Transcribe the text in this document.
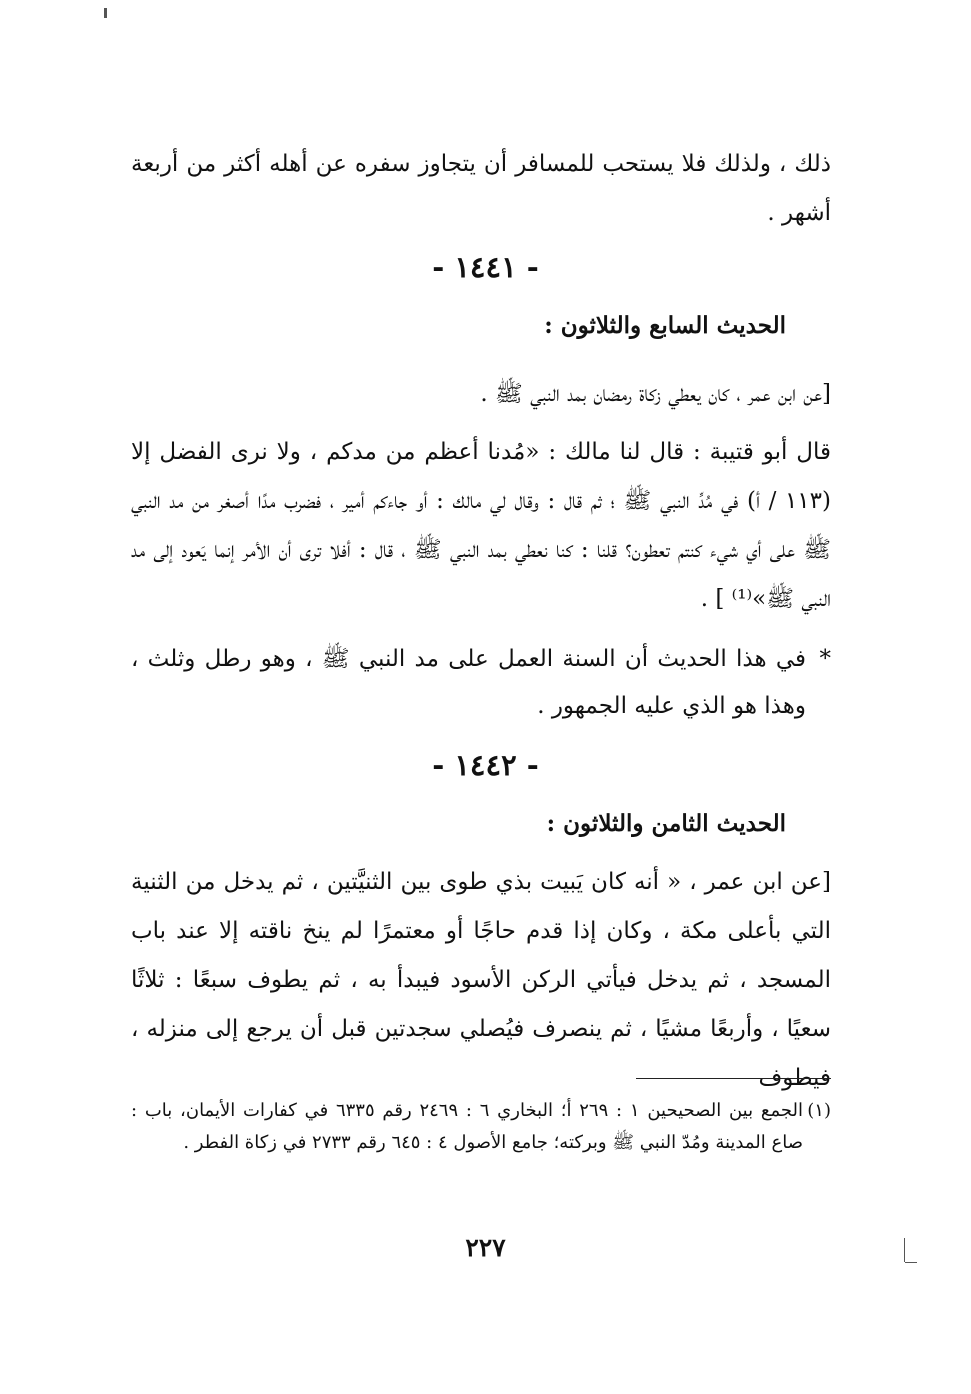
ذلك ، ولذلك فلا يستحب للمسافر أن يتجاوز سفره عن أهله أكثر من أربعة أشهر .

- ١٤٤١ -
الحديث السابع والثلاثون :

[عن ابن عمر ، كان يعطي زكاة رمضان بمد النبي ﷺ .

قال أبو قتيبة : قال لنا مالك : «مُدنا أعظم من مدكم ، ولا نرى الفضل إلا (١١٣ / أ) في مُدِّ النبي ﷺ ؛ ثم قال : وقال لي مالك : أو جاءكم أمير ، فضرب مدًا أصغر من مد النبي ﷺ على أي شيء كنتم تعطون؟ قلنا : كنا نعطي بمد النبي ﷺ ، قال : أفلا ترى أن الأمر إنما يَعود إلى مد النبي ﷺ»⁽¹⁾ ] .

*

في هذا الحديث أن السنة العمل على مد النبي ﷺ ، وهو رطل وثلث ، وهذا هو الذي عليه الجمهور .

- ١٤٤٢ -
الحديث الثامن والثلاثون :

[عن ابن عمر ، « أنه كان يَبيت بذي طوى بين الثنيَّتين ، ثم يدخل من الثنية التي بأعلى مكة ، وكان إذا قدم حاجًا أو معتمرًا لم ينخ ناقته إلا عند باب المسجد ، ثم يدخل فيأتي الركن الأسود فيبدأ به ، ثم يطوف سبعًا : ثلاثًا سعيًا ، وأربعًا مشيًا ، ثم ينصرف فيُصلي سجدتين قبل أن يرجع إلى منزله ، فيطوف

(١)

الجمع بين الصحيحين ١ : ٢٦٩ أ؛ البخاري ٦ : ٢٤٦٩ رقم ٦٣٣٥ في كفارات الأيمان، باب : صاع المدينة ومُدّ النبي ﷺ وبركته؛ جامع الأصول ٤ : ٦٤٥ رقم ٢٧٣٣ في زكاة الفطر .

٢٢٧
